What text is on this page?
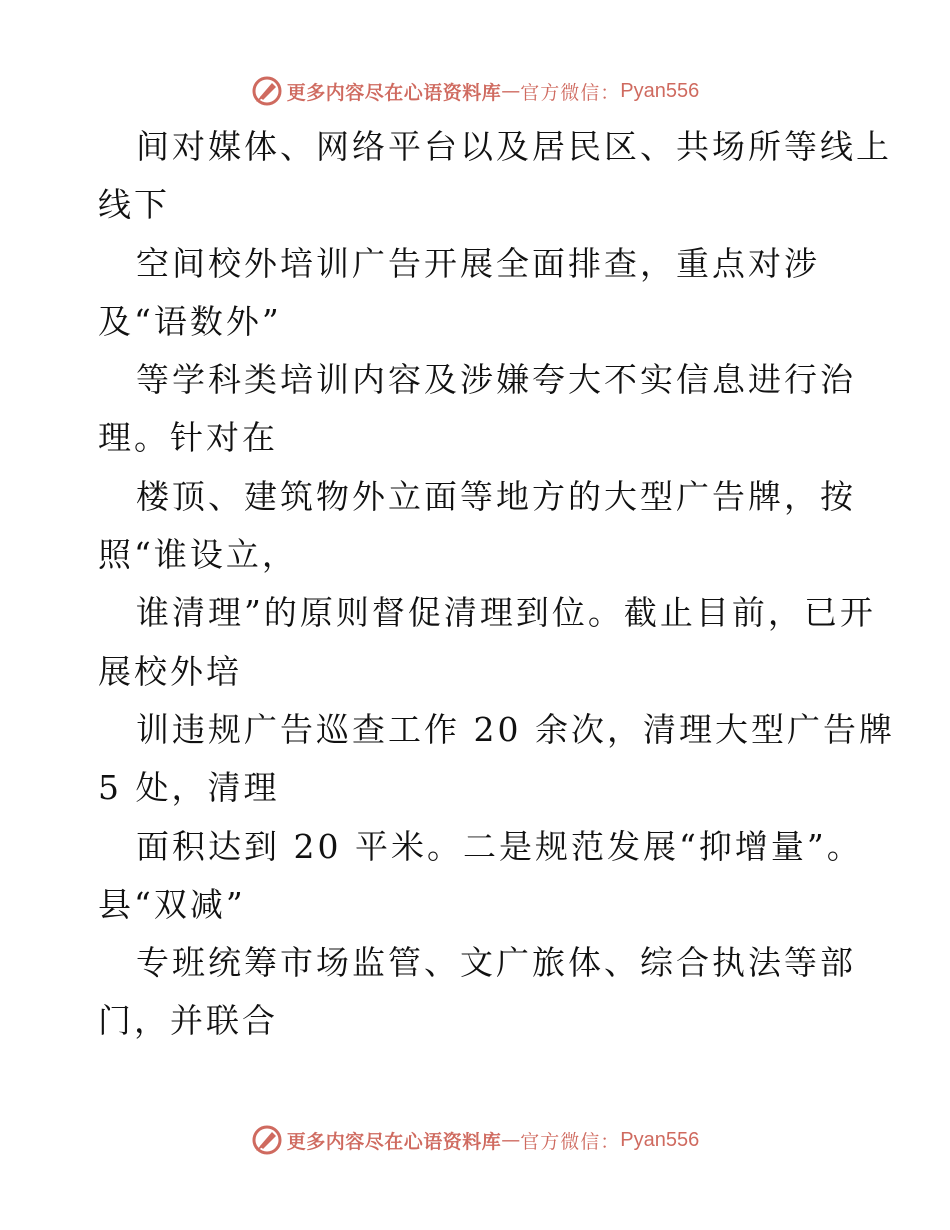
更多内容尽在心语资料库 — 官方微信： Pyan556
间对媒体、网络平台以及居民区、共场所等线上
线下
空间校外培训广告开展全面排查，重点对涉
及“语数外”
等学科类培训内容及涉嫌夸大不实信息进行治
理。针对在
楼顶、建筑物外立面等地方的大型广告牌，按
照“谁设立，
谁清理”的原则督促清理到位。截止目前，已开
展校外培
训违规广告巡查工作 20 余次，清理大型广告牌
5 处，清理
面积达到 20 平米。二是规范发展“抑增量”。
县“双减”
专班统筹市场监管、文广旅体、综合执法等部
门，并联合
更多内容尽在心语资料库 — 官方微信： Pyan556
